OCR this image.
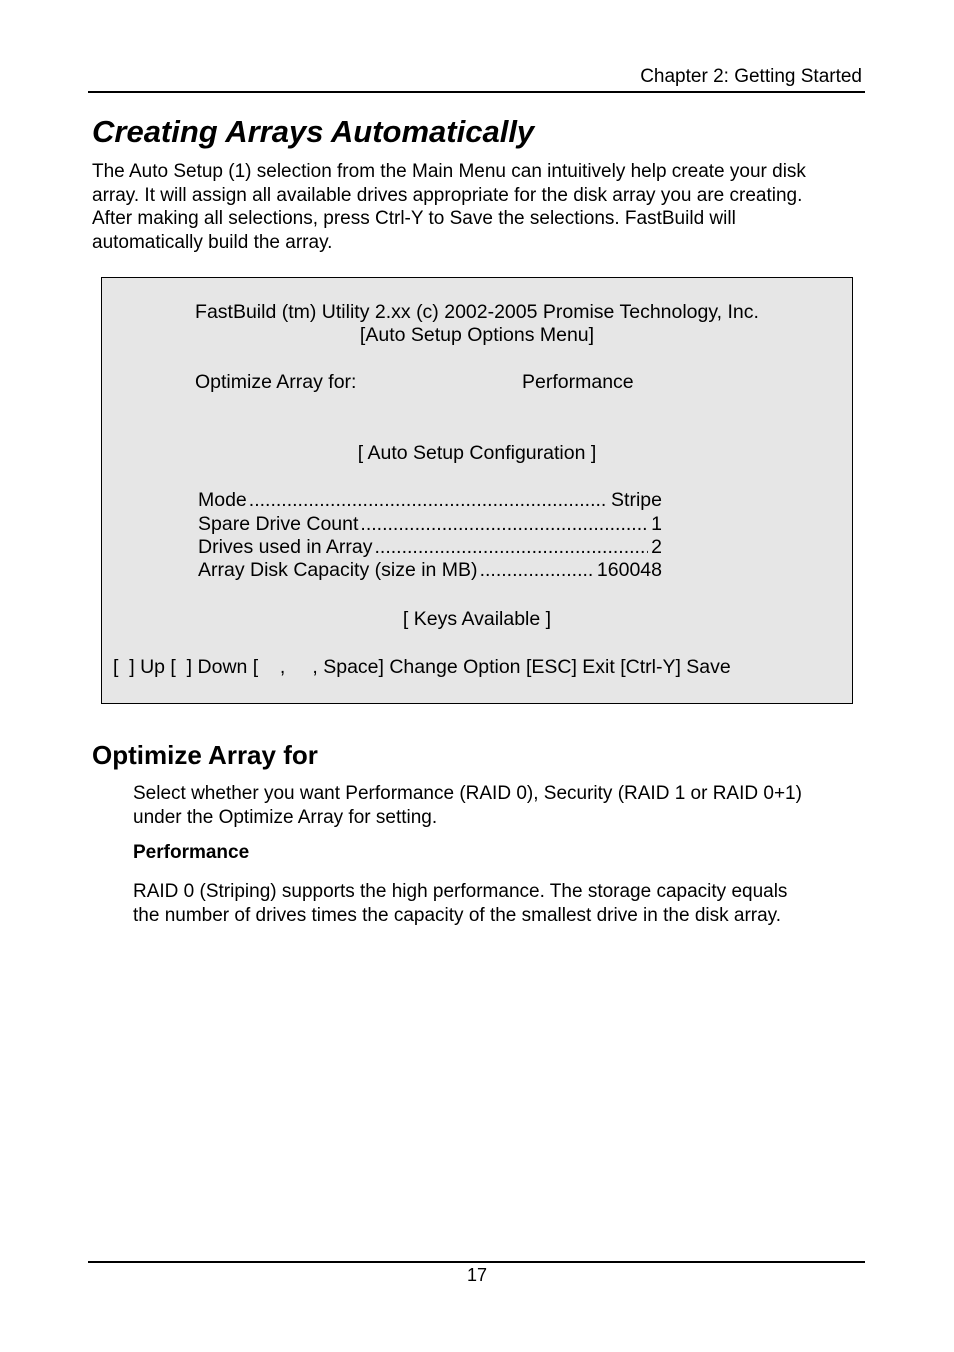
Chapter 2: Getting Started
Creating Arrays Automatically
The Auto Setup (1) selection from the Main Menu can intuitively help create your disk
array. It will assign all available drives appropriate for the disk array you are creating.
After making all selections, press Ctrl-Y to Save the selections. FastBuild will
automatically build the array.
FastBuild (tm) Utility 2.xx (c) 2002-2005 Promise Technology, Inc.
[Auto Setup Options Menu]
Optimize Array for:	Performance
[ Auto Setup Configuration ]
Mode .....	Stripe
Spare Drive Count .....	1
Drives used in Array .....	2
Array Disk Capacity (size in MB) .....	160048
[ Keys Available ]
[  ] Up [  ] Down [    ,     , Space] Change Option [ESC] Exit [Ctrl-Y] Save
Optimize Array for
Select whether you want Performance (RAID 0), Security (RAID 1 or RAID 0+1)
under the Optimize Array for setting.
Performance
RAID 0 (Striping) supports the high performance. The storage capacity equals
the number of drives times the capacity of the smallest drive in the disk array.
17
